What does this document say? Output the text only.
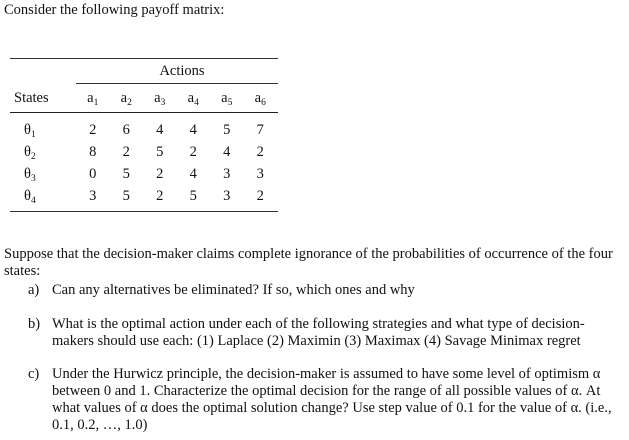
Consider the following payoff matrix:
Actions
States	$a_1$	$a_2$	$a_3$	$a_4$	$a_5$	$a_6$
$\theta_1$	2	6	4	4	5	7
$\theta_2$	8	2	5	2	4	2
$\theta_3$	0	5	2	4	3	3
$\theta_4$	3	5	2	5	3	2
Suppose that the decision-maker claims complete ignorance of the probabilities of occurrence of the four states:
a) Can any alternatives be eliminated? If so, which ones and why
b) What is the optimal action under each of the following strategies and what type of decision-makers should use each: (1) Laplace (2) Maximin (3) Maximax (4) Savage Minimax regret
c) Under the Hurwicz principle, the decision-maker is assumed to have some level of optimism α between 0 and 1. Characterize the optimal decision for the range of all possible values of α. At what values of α does the optimal solution change? Use step value of 0.1 for the value of α. (i.e., 0.1, 0.2, …, 1.0)
